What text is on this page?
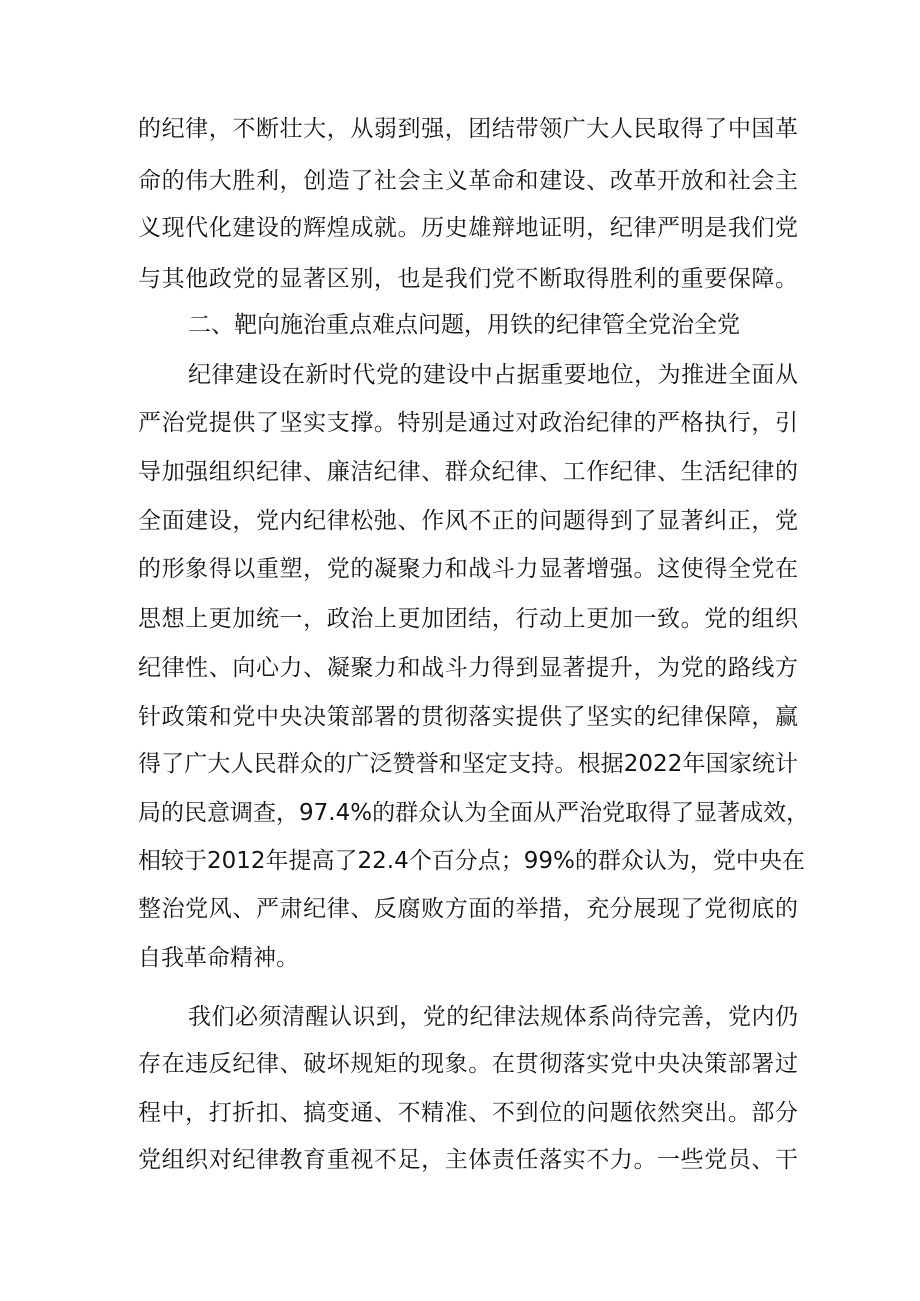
的纪律，不断壮大，从弱到强，团结带领广大人民取得了中国革
命的伟大胜利，创造了社会主义革命和建设、改革开放和社会主
义现代化建设的辉煌成就。历史雄辩地证明，纪律严明是我们党
与其他政党的显著区别，也是我们党不断取得胜利的重要保障。
二、靶向施治重点难点问题，用铁的纪律管全党治全党
纪律建设在新时代党的建设中占据重要地位，为推进全面从
严治党提供了坚实支撑。特别是通过对政治纪律的严格执行，引
导加强组织纪律、廉洁纪律、群众纪律、工作纪律、生活纪律的
全面建设，党内纪律松弛、作风不正的问题得到了显著纠正，党
的形象得以重塑，党的凝聚力和战斗力显著增强。这使得全党在
思想上更加统一，政治上更加团结，行动上更加一致。党的组织
纪律性、向心力、凝聚力和战斗力得到显著提升，为党的路线方
针政策和党中央决策部署的贯彻落实提供了坚实的纪律保障，赢
得了广大人民群众的广泛赞誉和坚定支持。根据2022年国家统计
局的民意调查，97.4%的群众认为全面从严治党取得了显著成效，
相较于2012年提高了22.4个百分点；99%的群众认为，党中央在
整治党风、严肃纪律、反腐败方面的举措，充分展现了党彻底的
自我革命精神。
我们必须清醒认识到，党的纪律法规体系尚待完善，党内仍
存在违反纪律、破坏规矩的现象。在贯彻落实党中央决策部署过
程中，打折扣、搞变通、不精准、不到位的问题依然突出。部分
党组织对纪律教育重视不足，主体责任落实不力。一些党员、干
